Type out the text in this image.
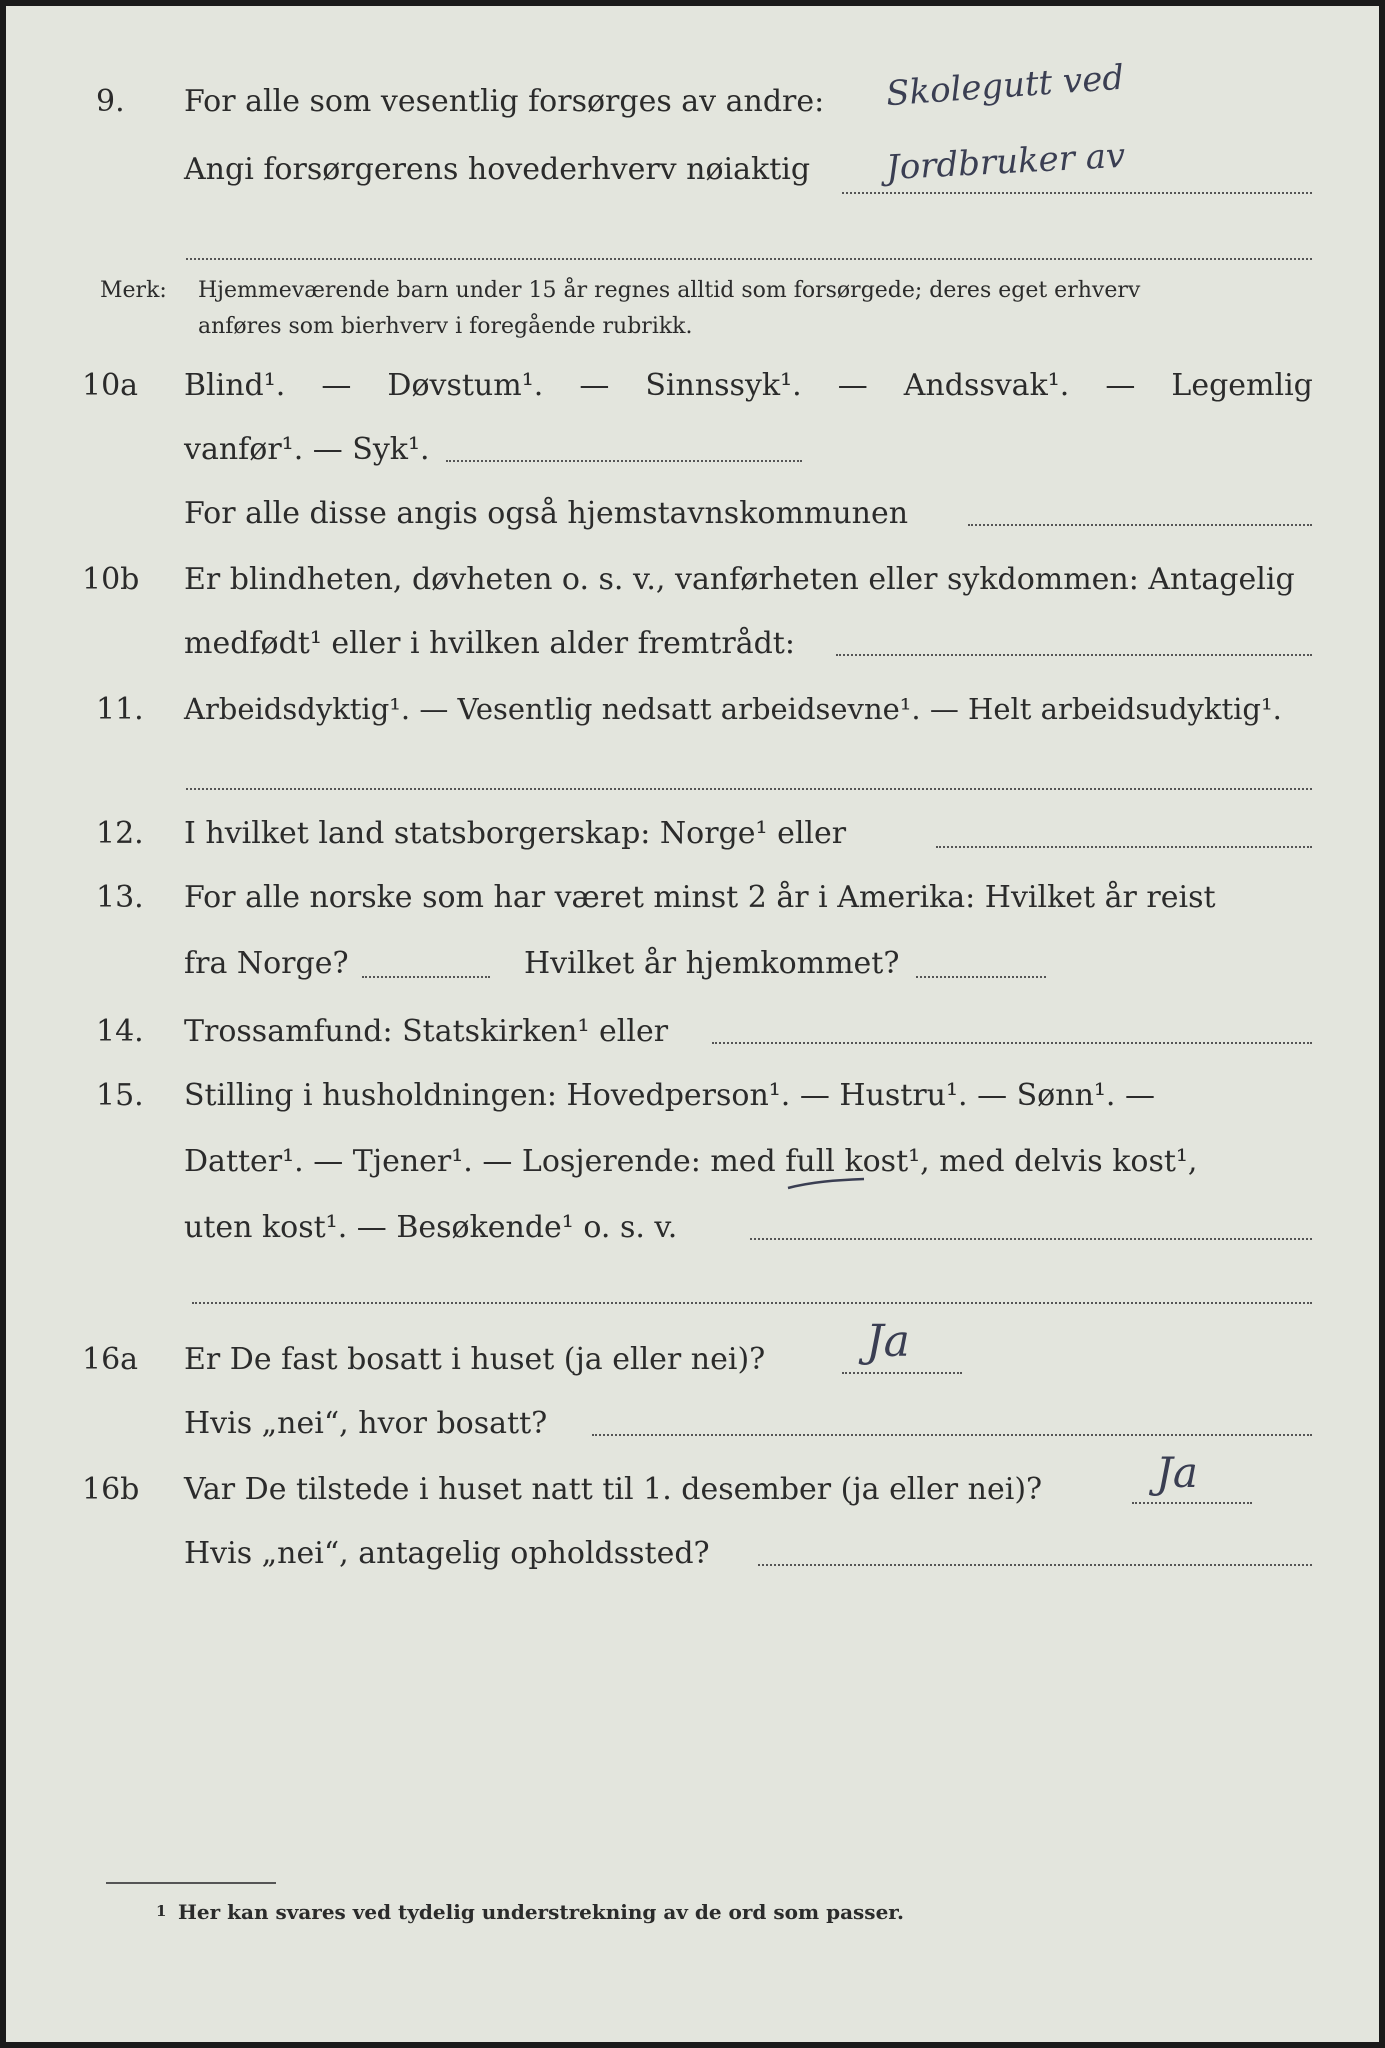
9. For alle som vesentlig forsørges av andre: Skolegutt ved
Angi forsørgerens hovederhverv nøiaktig Jordbruker av
Merk: Hjemmeværende barn under 15 år regnes alltid som forsørgede; deres eget erhverv
anføres som bierhverv i foregående rubrikk.
10a Blind¹. — Døvstum¹. — Sinnssyk¹. — Andssvak¹. — Legemlig
vanfør¹. — Syk¹.
For alle disse angis også hjemstavnskommunen
10b Er blindheten, døvheten o. s. v., vanførheten eller sykdommen: Antagelig
medfødt¹ eller i hvilken alder fremtrådt:
11. Arbeidsdyktig¹. — Vesentlig nedsatt arbeidsevne¹. — Helt arbeidsudyktig¹.
12. I hvilket land statsborgerskap: Norge¹ eller
13. For alle norske som har været minst 2 år i Amerika: Hvilket år reist
fra Norge?	Hvilket år hjemkommet?
14. Trossamfund: Statskirken¹ eller
15. Stilling i husholdningen: Hovedperson¹. — Hustru¹. — Sønn¹. —
Datter¹. — Tjener¹. — Losjerende: med full kost¹, med delvis kost¹,
uten kost¹. — Besøkende¹ o. s. v.
16a Er De fast bosatt i huset (ja eller nei)? Ja
Hvis „nei“, hvor bosatt?
16b Var De tilstede i huset natt til 1. desember (ja eller nei)?	Ja
Hvis „nei“, antagelig opholdssted?
1 Her kan svares ved tydelig understrekning av de ord som passer.
